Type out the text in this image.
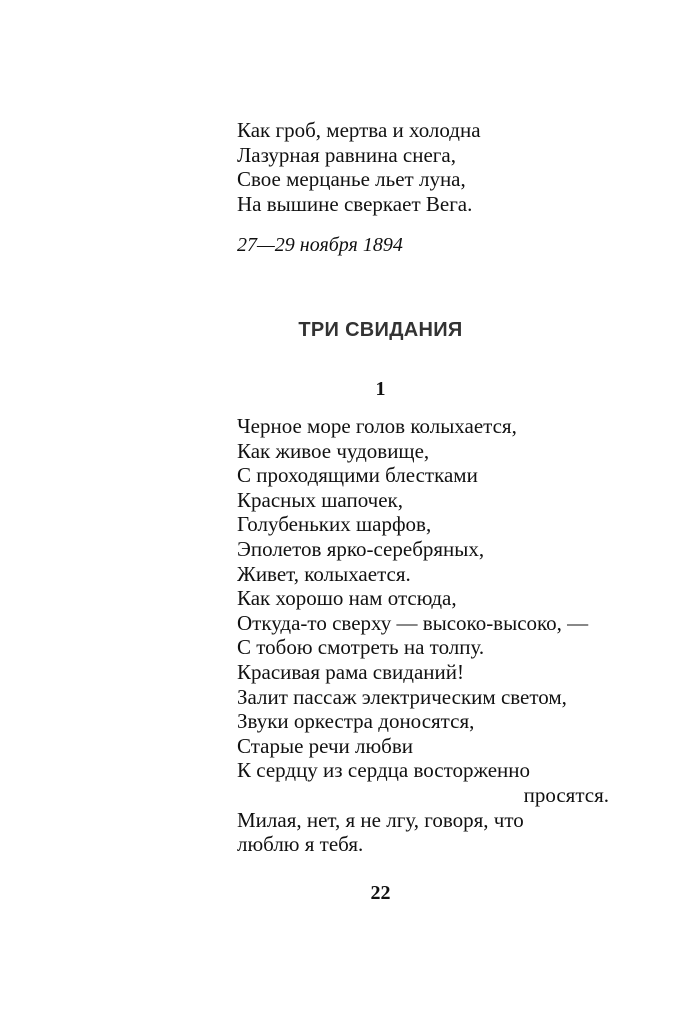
Как гроб, мертва и холодна
Лазурная равнина снега,
Свое мерцанье льет луна,
На вышине сверкает Вега.
27—29 ноября 1894
ТРИ СВИДАНИЯ
1
Черное море голов колыхается,
Как живое чудовище,
С проходящими блестками
Красных шапочек,
Голубеньких шарфов,
Эполетов ярко-серебряных,
Живет, колыхается.
Как хорошо нам отсюда,
Откуда-то сверху — высоко-высоко, —
С тобою смотреть на толпу.
Красивая рама свиданий!
Залит пассаж электрическим светом,
Звуки оркестра доносятся,
Старые речи любви
К сердцу из сердца восторженно
просятся.
Милая, нет, я не лгу, говоря, что
люблю я тебя.
22
